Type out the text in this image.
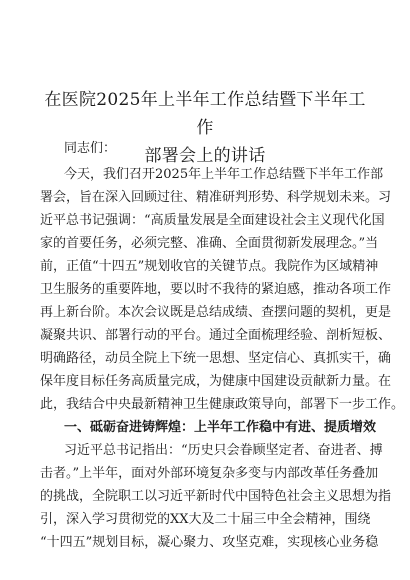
在医院2025年上半年工作总结暨下半年工作
部署会上的讲话

同志们：

今天，我们召开2025年上半年工作总结暨下半年工作部

署会，旨在深入回顾过往、精准研判形势、科学规划未来。习

近平总书记强调：“高质量发展是全面建设社会主义现代化国

家的首要任务，必须完整、准确、全面贯彻新发展理念。”当

前，正值“十四五”规划收官的关键节点。我院作为区域精神

卫生服务的重要阵地，要以时不我待的紧迫感，推动各项工作

再上新台阶。本次会议既是总结成绩、查摆问题的契机，更是

凝聚共识、部署行动的平台。通过全面梳理经验、剖析短板、

明确路径，动员全院上下统一思想、坚定信心、真抓实干，确

保年度目标任务高质量完成，为健康中国建设贡献新力量。在

此，我结合中央最新精神卫生健康政策导向，部署下一步工作。

一、砥砺奋进铸辉煌：上半年工作稳中有进、提质增效

习近平总书记指出：“历史只会眷顾坚定者、奋进者、搏

击者。”上半年，面对外部环境复杂多变与内部改革任务叠加

的挑战，全院职工以习近平新时代中国特色社会主义思想为指

引，深入学习贯彻党的XX大及二十届三中全会精神，围绕

“十四五”规划目标，凝心聚力、攻坚克难，实现核心业务稳
